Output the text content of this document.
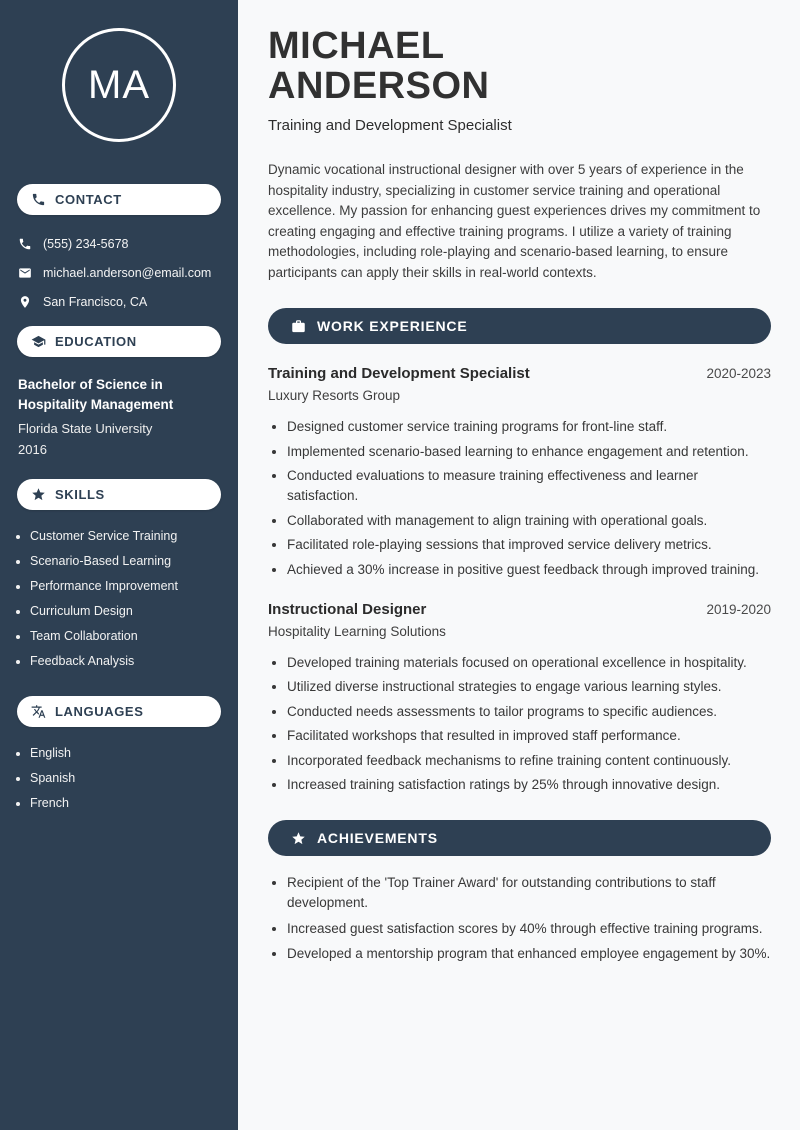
MA
CONTACT
(555) 234-5678
michael.anderson@email.com
San Francisco, CA
EDUCATION
Bachelor of Science in Hospitality Management
Florida State University
2016
SKILLS
• Customer Service Training
• Scenario-Based Learning
• Performance Improvement
• Curriculum Design
• Team Collaboration
• Feedback Analysis
LANGUAGES
• English
• Spanish
• French
MICHAEL
ANDERSON
Training and Development Specialist

Dynamic vocational instructional designer with over 5 years of experience in the hospitality industry, specializing in customer service training and operational excellence. My passion for enhancing guest experiences drives my commitment to creating engaging and effective training programs. I utilize a variety of training methodologies, including role-playing and scenario-based learning, to ensure participants can apply their skills in real-world contexts.

WORK EXPERIENCE
Training and Development Specialist	2020-2023
Luxury Resorts Group
• Designed customer service training programs for front-line staff.
• Implemented scenario-based learning to enhance engagement and retention.
• Conducted evaluations to measure training effectiveness and learner satisfaction.
• Collaborated with management to align training with operational goals.
• Facilitated role-playing sessions that improved service delivery metrics.
• Achieved a 30% increase in positive guest feedback through improved training.
Instructional Designer	2019-2020
Hospitality Learning Solutions
• Developed training materials focused on operational excellence in hospitality.
• Utilized diverse instructional strategies to engage various learning styles.
• Conducted needs assessments to tailor programs to specific audiences.
• Facilitated workshops that resulted in improved staff performance.
• Incorporated feedback mechanisms to refine training content continuously.
• Increased training satisfaction ratings by 25% through innovative design.
ACHIEVEMENTS
• Recipient of the 'Top Trainer Award' for outstanding contributions to staff development.
• Increased guest satisfaction scores by 40% through effective training programs.
• Developed a mentorship program that enhanced employee engagement by 30%.
